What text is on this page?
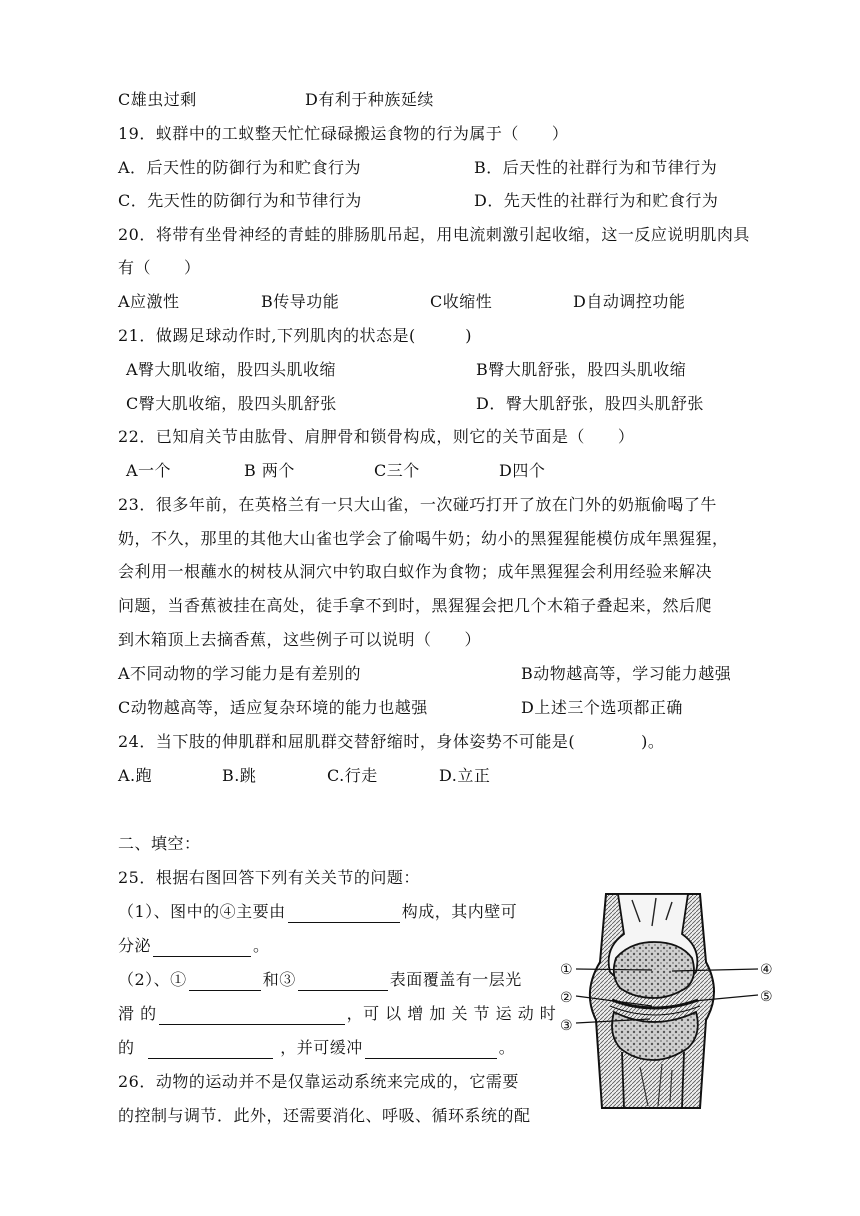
C雄虫过剩	D有利于种族延续
19．蚁群中的工蚁整天忙忙碌碌搬运食物的行为属于（　　）
A．后天性的防御行为和贮食行为	B．后天性的社群行为和节律行为
C．先天性的防御行为和节律行为	D．先天性的社群行为和贮食行为
20．将带有坐骨神经的青蛙的腓肠肌吊起，用电流刺激引起收缩，这一反应说明肌肉具
有（　　）
A应激性	B传导功能	C收缩性	D自动调控功能
21．做踢足球动作时,下列肌肉的状态是(　　　)
A臀大肌收缩，股四头肌收缩	B臀大肌舒张，股四头肌收缩
C臀大肌收缩，股四头肌舒张	D．臀大肌舒张，股四头肌舒张
22．已知肩关节由肱骨、肩胛骨和锁骨构成，则它的关节面是（　　）
A一个	B 两个	C三个	D四个
23．很多年前，在英格兰有一只大山雀，一次碰巧打开了放在门外的奶瓶偷喝了牛
奶，不久，那里的其他大山雀也学会了偷喝牛奶；幼小的黑猩猩能模仿成年黑猩猩，
会利用一根蘸水的树枝从洞穴中钓取白蚁作为食物；成年黑猩猩会利用经验来解决
问题，当香蕉被挂在高处，徒手拿不到时，黑猩猩会把几个木箱子叠起来，然后爬
到木箱顶上去摘香蕉，这些例子可以说明（　　）
A不同动物的学习能力是有差别的	B动物越高等，学习能力越强
C动物越高等，适应复杂环境的能力也越强	D上述三个选项都正确
24．当下肢的伸肌群和屈肌群交替舒缩时，身体姿势不可能是(　　　　)。
A.跑	B.跳	C.行走	D.立正
二、填空：
25．根据右图回答下列有关关节的问题：
（1）、图中的④主要由	构成，其内壁可
分泌	。
（2）、①	和③	表面覆盖有一层光
滑 的	，可 以 增 加 关 节 运 动 时
的	，并可缓冲	。
26．动物的运动并不是仅靠运动系统来完成的，它需要
的控制与调节．此外，还需要消化、呼吸、循环系统的配
①
②
③
④
⑤
